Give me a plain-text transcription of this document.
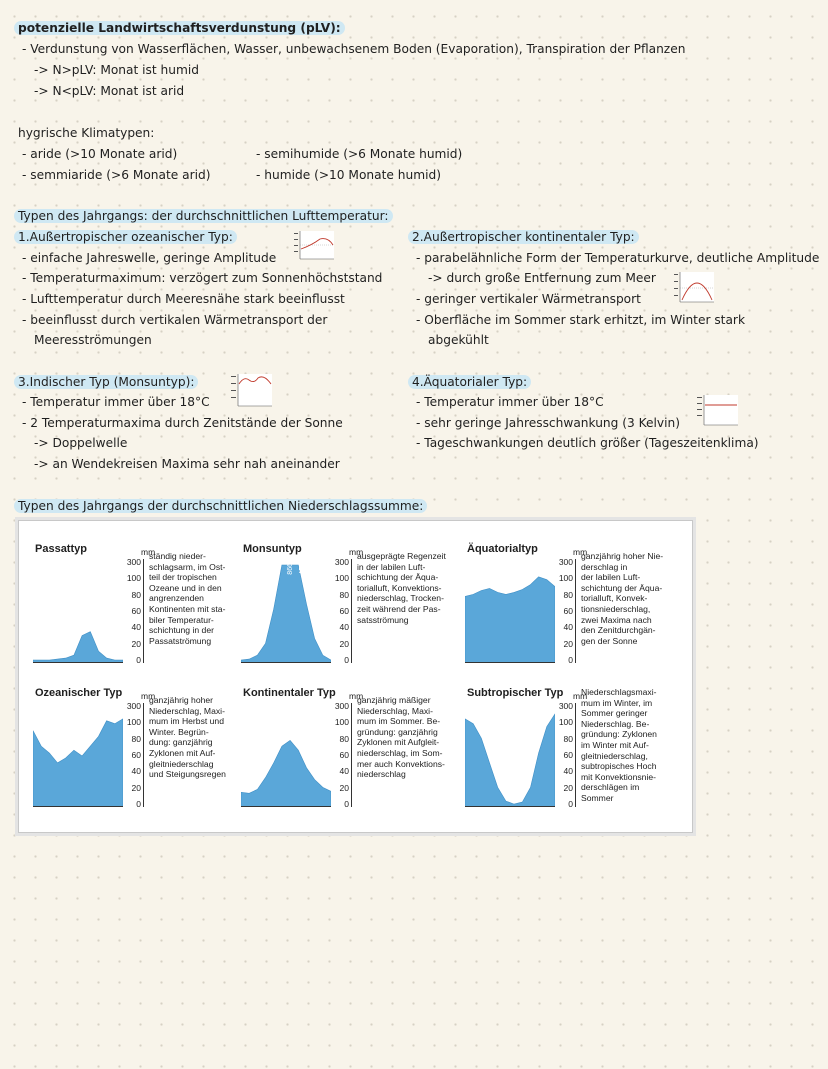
potenzielle Landwirtschaftsverdunstung (pLV):
- Verdunstung von Wasserflächen, Wasser, unbewachsenem Boden (Evaporation), Transpiration der Pflanzen
-> N>pLV: Monat ist humid
-> N<pLV: Monat ist arid
hygrische Klimatypen:
- aride (>10 Monate arid)
- semmiaride (>6 Monate arid)
- semihumide (>6 Monate humid)
- humide (>10 Monate humid)
Typen des Jahrgangs: der durchschnittlichen Lufttemperatur:
1.Außertropischer ozeanischer Typ:
- einfache Jahreswelle, geringe Amplitude
- Temperaturmaximum: verzögert zum Sonnenhöchststand
- Lufttemperatur durch Meeresnähe stark beeinflusst
- beeinflusst durch vertikalen Wärmetransport der
Meeresströmungen
2.Außertropischer kontinentaler Typ:
- parabelähnliche Form der Temperaturkurve, deutliche Amplitude
-> durch große Entfernung zum Meer
- geringer vertikaler Wärmetransport
- Oberfläche im Sommer stark erhitzt, im Winter stark
abgekühlt
3.Indischer Typ (Monsuntyp):
- Temperatur immer über 18°C
- 2 Temperaturmaxima durch Zenitstände der Sonne
-> Doppelwelle
-> an Wendekreisen Maxima sehr nah aneinander
4.Äquatorialer Typ:
- Temperatur immer über 18°C
- sehr geringe Jahresschwankung (3 Kelvin)
- Tageschwankungen deutlich größer (Tageszeitenklima)
Typen des Jahrgangs der durchschnittlichen Niederschlagssumme:
Passattyp	mm
300
100
80
60
40
20
0
ständig nieder-
schlagsarm, im Ost-
teil der tropischen
Ozeane und in den
angrenzenden
Kontinenten mit sta-
biler Temperatur-
schichtung in der
Passatströmung
Monsuntyp
942 866 452
mm
300
100
80
60
40
20
0
ausgeprägte Regenzeit
in der labilen Luft-
schichtung der Äqua-
torialluft, Konvektions-
niederschlag, Trocken-
zeit während der Pas-
satsströmung
Äquatorialtyp	mm
300
100
80
60
40
20
0
ganzjährig hoher Nie-
derschlag in
der labilen Luft-
schichtung der Äqua-
torialluft, Konvek-
tionsniederschlag,
zwei Maxima nach
den Zenitdurchgän-
gen der Sonne
Ozeanischer Typ mm
300
100
80
60
40
20
0
ganzjährig hoher
Niederschlag, Maxi-
mum im Herbst und
Winter. Begrün-
dung: ganzjährig
Zyklonen mit Auf-
gleitniederschlag
und Steigungsregen
Kontinentaler Typ mm
300
100
80
60
40
20
0
ganzjährig mäßiger
Niederschlag, Maxi-
mum im Sommer. Be-
gründung: ganzjährig
Zyklonen mit Aufgleit-
niederschlag, im Som-
mer auch Konvektions-
niederschlag
Subtropischer Typ mm
300
100
80
60
40
20
0
Niederschlagsmaxi-
mum im Winter, im
Sommer geringer
Niederschlag. Be-
gründung: Zyklonen
im Winter mit Auf-
gleitniederschlag,
subtropisches Hoch
mit Konvektionsnie-
derschlägen im
Sommer
